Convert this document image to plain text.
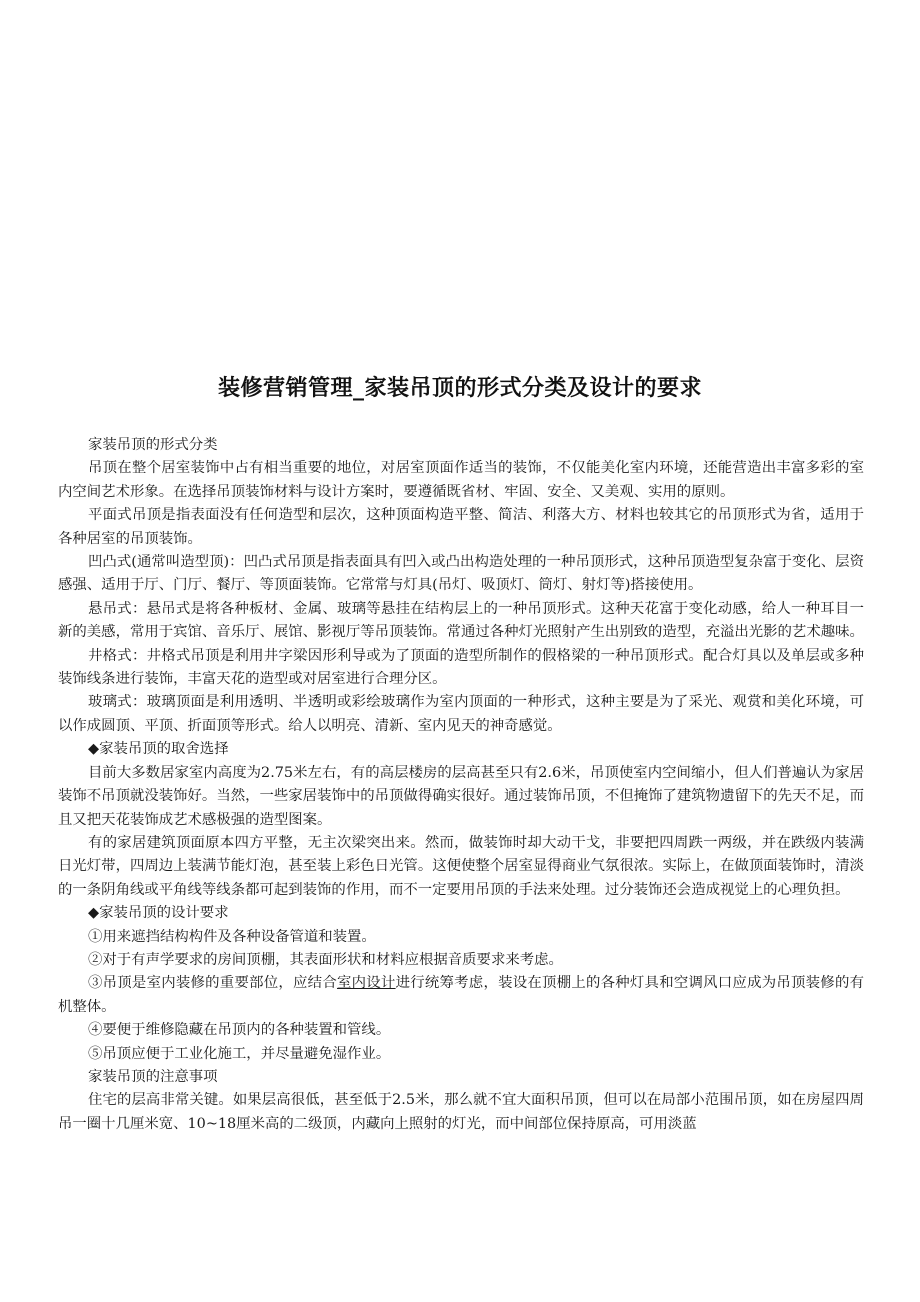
装修营销管理_家装吊顶的形式分类及设计的要求

家装吊顶的形式分类

吊顶在整个居室装饰中占有相当重要的地位，对居室顶面作适当的装饰，不仅能美化室内环境，还能营造出丰富多彩的室内空间艺术形象。在选择吊顶装饰材料与设计方案时，要遵循既省材、牢固、安全、又美观、实用的原则。

平面式吊顶是指表面没有任何造型和层次，这种顶面构造平整、简洁、利落大方、材料也较其它的吊顶形式为省，适用于各种居室的吊顶装饰。

凹凸式(通常叫造型顶)：凹凸式吊顶是指表面具有凹入或凸出构造处理的一种吊顶形式，这种吊顶造型复杂富于变化、层资感强、适用于厅、门厅、餐厅、等顶面装饰。它常常与灯具(吊灯、吸顶灯、筒灯、射灯等)搭接使用。

悬吊式：悬吊式是将各种板材、金属、玻璃等悬挂在结构层上的一种吊顶形式。这种天花富于变化动感，给人一种耳目一新的美感，常用于宾馆、音乐厅、展馆、影视厅等吊顶装饰。常通过各种灯光照射产生出别致的造型，充溢出光影的艺术趣味。

井格式：井格式吊顶是利用井字梁因形利导或为了顶面的造型所制作的假格梁的一种吊顶形式。配合灯具以及单层或多种装饰线条进行装饰，丰富天花的造型或对居室进行合理分区。

玻璃式：玻璃顶面是利用透明、半透明或彩绘玻璃作为室内顶面的一种形式，这种主要是为了采光、观赏和美化环境，可以作成圆顶、平顶、折面顶等形式。给人以明亮、清新、室内见天的神奇感觉。

◆家装吊顶的取舍选择

目前大多数居家室内高度为2.75米左右，有的高层楼房的层高甚至只有2.6米，吊顶使室内空间缩小，但人们普遍认为家居装饰不吊顶就没装饰好。当然，一些家居装饰中的吊顶做得确实很好。通过装饰吊顶，不但掩饰了建筑物遗留下的先天不足，而且又把天花装饰成艺术感极强的造型图案。

有的家居建筑顶面原本四方平整，无主次梁突出来。然而，做装饰时却大动干戈，非要把四周跌一两级，并在跌级内装满日光灯带，四周边上装满节能灯泡，甚至装上彩色日光管。这便使整个居室显得商业气氛很浓。实际上，在做顶面装饰时，清淡的一条阴角线或平角线等线条都可起到装饰的作用，而不一定要用吊顶的手法来处理。过分装饰还会造成视觉上的心理负担。

◆家装吊顶的设计要求

①用来遮挡结构构件及各种设备管道和装置。

②对于有声学要求的房间顶棚，其表面形状和材料应根据音质要求来考虑。

③吊顶是室内装修的重要部位，应结合室内设计进行统筹考虑，装设在顶棚上的各种灯具和空调风口应成为吊顶装修的有机整体。

④要便于维修隐藏在吊顶内的各种装置和管线。

⑤吊顶应便于工业化施工，并尽量避免湿作业。

家装吊顶的注意事项

住宅的层高非常关键。如果层高很低，甚至低于2.5米，那么就不宜大面积吊顶，但可以在局部小范围吊顶，如在房屋四周吊一圈十几厘米宽、10~18厘米高的二级顶，内藏向上照射的灯光，而中间部位保持原高，可用淡蓝
